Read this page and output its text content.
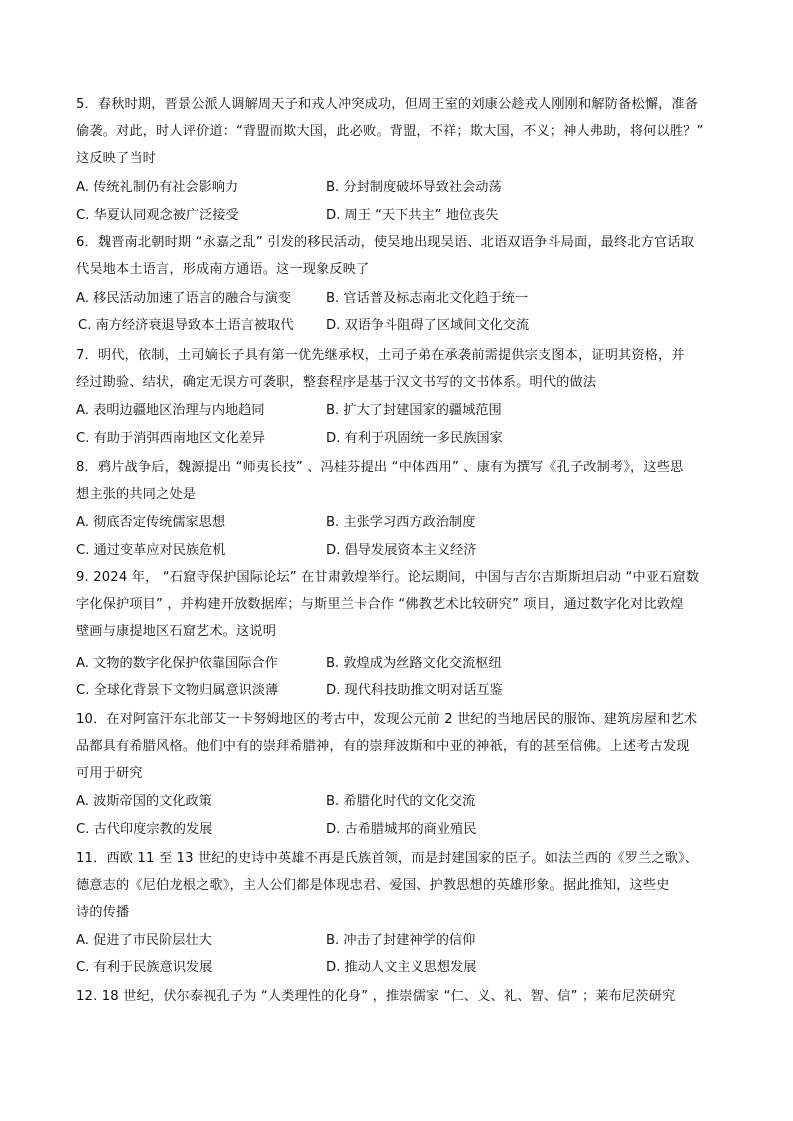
5．春秋时期，晋景公派人调解周天子和戎人冲突成功，但周王室的刘康公趁戎人刚刚和解防备松懈，准备
偷袭。对此，时人评价道：“背盟而欺大国，此必败。背盟，不祥；欺大国，不义；神人弗助，将何以胜？”
这反映了当时
A. 传统礼制仍有社会影响力	B. 分封制度破坏导致社会动荡
C. 华夏认同观念被广泛接受	D. 周王 “天下共主” 地位丧失
6．魏晋南北朝时期 “永嘉之乱” 引发的移民活动，使吴地出现吴语、北语双语争斗局面，最终北方官话取
代吴地本土语言，形成南方通语。这一现象反映了
A. 移民活动加速了语言的融合与演变	B. 官话普及标志南北文化趋于统一
C. 南方经济衰退导致本土语言被取代 D. 双语争斗阻碍了区域间文化交流
7．明代，依制，土司嫡长子具有第一优先继承权，土司子弟在承袭前需提供宗支图本，证明其资格，并
经过勘验、结状，确定无误方可袭职，整套程序是基于汉文书写的文书体系。明代的做法
A. 表明边疆地区治理与内地趋同	B. 扩大了封建国家的疆域范围
C. 有助于消弭西南地区文化差异	D. 有利于巩固统一多民族国家
8．鸦片战争后，魏源提出 “师夷长技” 、冯桂芬提出 “中体西用” 、康有为撰写《孔子改制考》，这些思
想主张的共同之处是
A. 彻底否定传统儒家思想	B. 主张学习西方政治制度
C. 通过变革应对民族危机	D. 倡导发展资本主义经济
9. 2024 年， “石窟寺保护国际论坛” 在甘肃敦煌举行。论坛期间，中国与吉尔吉斯斯坦启动 “中亚石窟数
字化保护项目” ，并构建开放数据库；与斯里兰卡合作 “佛教艺术比较研究” 项目，通过数字化对比敦煌
壁画与康提地区石窟艺术。这说明
A. 文物的数字化保护依靠国际合作	B. 敦煌成为丝路文化交流枢纽
C. 全球化背景下文物归属意识淡薄	D. 现代科技助推文明对话互鉴
10．在对阿富汗东北部艾一卡努姆地区的考古中，发现公元前 2 世纪的当地居民的服饰、建筑房屋和艺术
品都具有希腊风格。他们中有的崇拜希腊神，有的崇拜波斯和中亚的神祇，有的甚至信佛。上述考古发现
可用于研究
A. 波斯帝国的文化政策	B. 希腊化时代的文化交流
C. 古代印度宗教的发展	D. 古希腊城邦的商业殖民
11．西欧 11 至 13 世纪的史诗中英雄不再是氏族首领，而是封建国家的臣子。如法兰西的《罗兰之歌》、
德意志的《尼伯龙根之歌》，主人公们都是体现忠君、爱国、护教思想的英雄形象。据此推知，这些史
诗的传播
A. 促进了市民阶层壮大	B. 冲击了封建神学的信仰
C. 有利于民族意识发展	D. 推动人文主义思想发展
12. 18 世纪，伏尔泰视孔子为 “人类理性的化身” ，推崇儒家 “仁、义、礼、智、信” ；莱布尼茨研究
